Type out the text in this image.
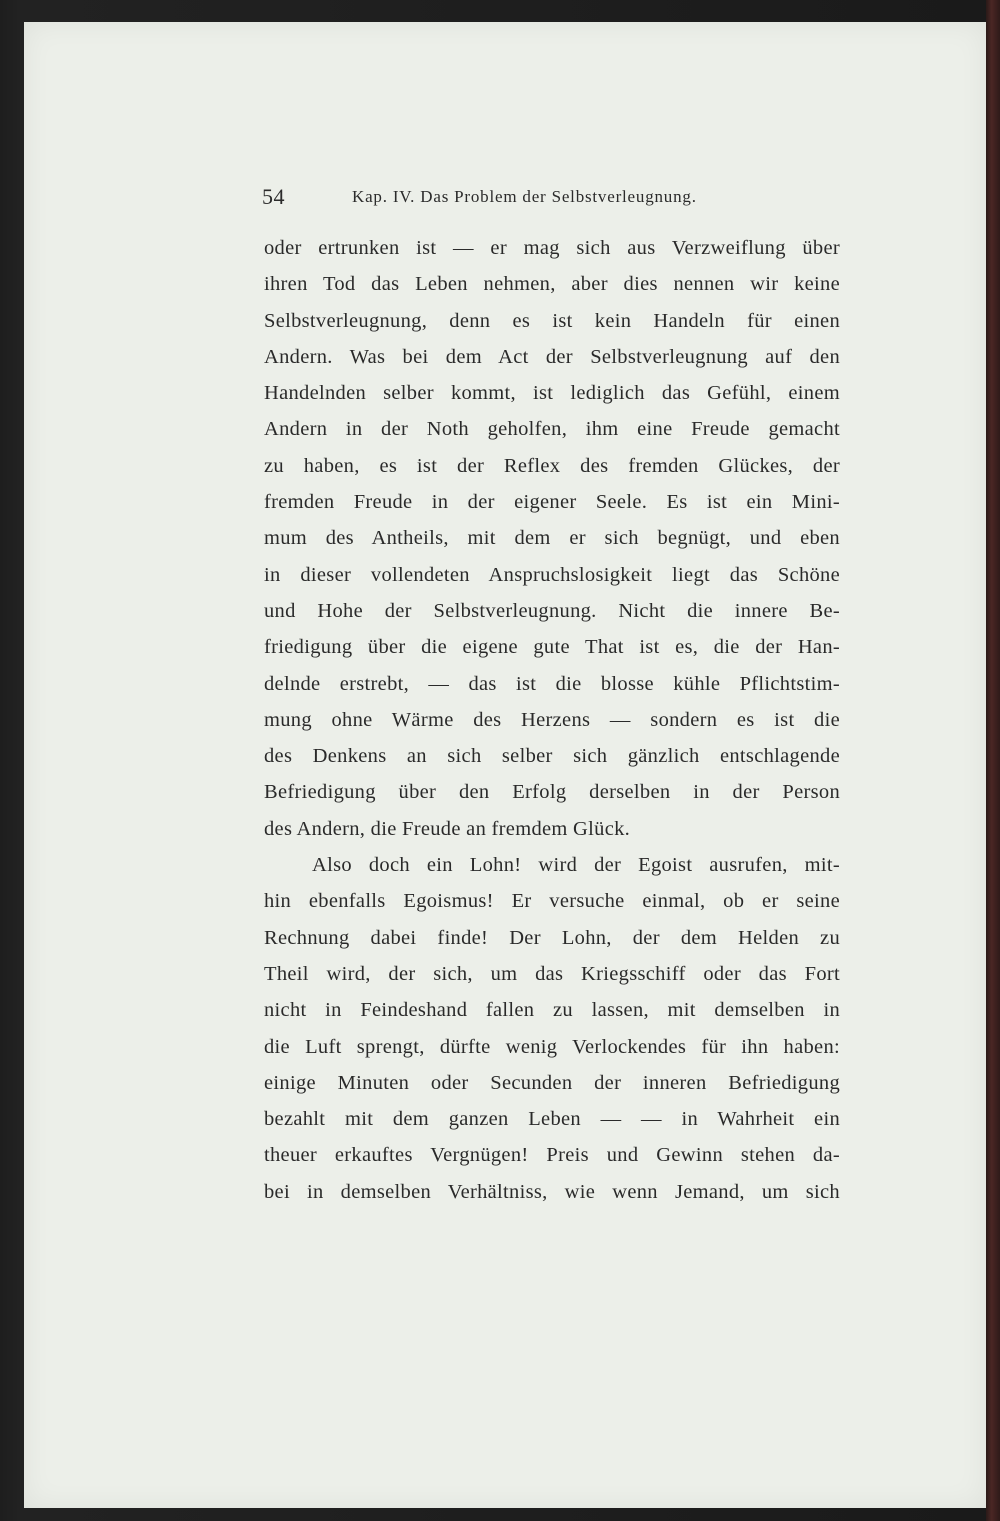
54	Kap. IV. Das Problem der Selbstverleugnung.
oder ertrunken ist — er mag sich aus Verzweiflung über
ihren Tod das Leben nehmen, aber dies nennen wir keine
Selbstverleugnung, denn es ist kein Handeln für einen
Andern. Was bei dem Act der Selbstverleugnung auf den
Handelnden selber kommt, ist lediglich das Gefühl, einem
Andern in der Noth geholfen, ihm eine Freude gemacht
zu haben, es ist der Reflex des fremden Glückes, der
fremden Freude in der eigener Seele. Es ist ein Mini-
mum des Antheils, mit dem er sich begnügt, und eben
in dieser vollendeten Anspruchslosigkeit liegt das Schöne
und Hohe der Selbstverleugnung. Nicht die innere Be-
friedigung über die eigene gute That ist es, die der Han-
delnde erstrebt, — das ist die blosse kühle Pflichtstim-
mung ohne Wärme des Herzens — sondern es ist die
des Denkens an sich selber sich gänzlich entschlagende
Befriedigung über den Erfolg derselben in der Person
des Andern, die Freude an fremdem Glück.
Also doch ein Lohn! wird der Egoist ausrufen, mit-
hin ebenfalls Egoismus! Er versuche einmal, ob er seine
Rechnung dabei finde! Der Lohn, der dem Helden zu
Theil wird, der sich, um das Kriegsschiff oder das Fort
nicht in Feindeshand fallen zu lassen, mit demselben in
die Luft sprengt, dürfte wenig Verlockendes für ihn haben:
einige Minuten oder Secunden der inneren Befriedigung
bezahlt mit dem ganzen Leben — — in Wahrheit ein
theuer erkauftes Vergnügen! Preis und Gewinn stehen da-
bei in demselben Verhältniss, wie wenn Jemand, um sich
